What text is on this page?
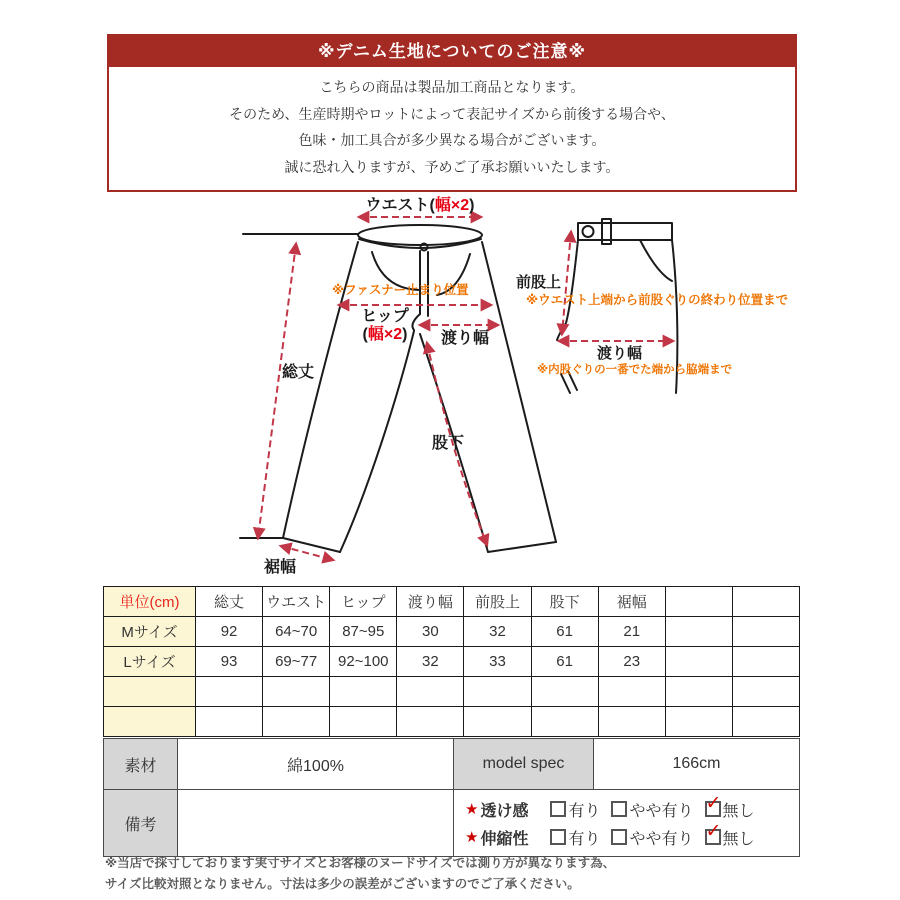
※デニム生地についてのご注意※
こちらの商品は製品加工商品となります。
そのため、生産時期やロットによって表記サイズから前後する場合や、
色味・加工具合が多少異なる場合がございます。
誠に恐れ入りますが、予めご了承お願いいたします。
ウエスト(幅×2)
※ファスナー止まり位置
ヒップ
(幅×2) 渡り幅
総丈
股下
裾幅
前股上
※ウエスト上端から前股ぐりの終わり位置まで
渡り幅
※内股ぐりの一番でた端から脇端まで
単位(cm)	総丈	ウエスト	ヒップ	渡り幅	前股上	股下	裾幅		
Mサイズ	92	64~70	87~95	30	32	61	21		
Lサイズ	93	69~77	92~100	32	33	61	23		

素材	綿100%	model spec	166cm
備考		
★ 透け感	有り やや有り ✓ 無し
★ 伸縮性	有り やや有り ✓ 無し
※当店で採寸しております実寸サイズとお客様のヌードサイズでは測り方が異なります為、
サイズ比較対照となりません。寸法は多少の誤差がございますのでご了承ください。
